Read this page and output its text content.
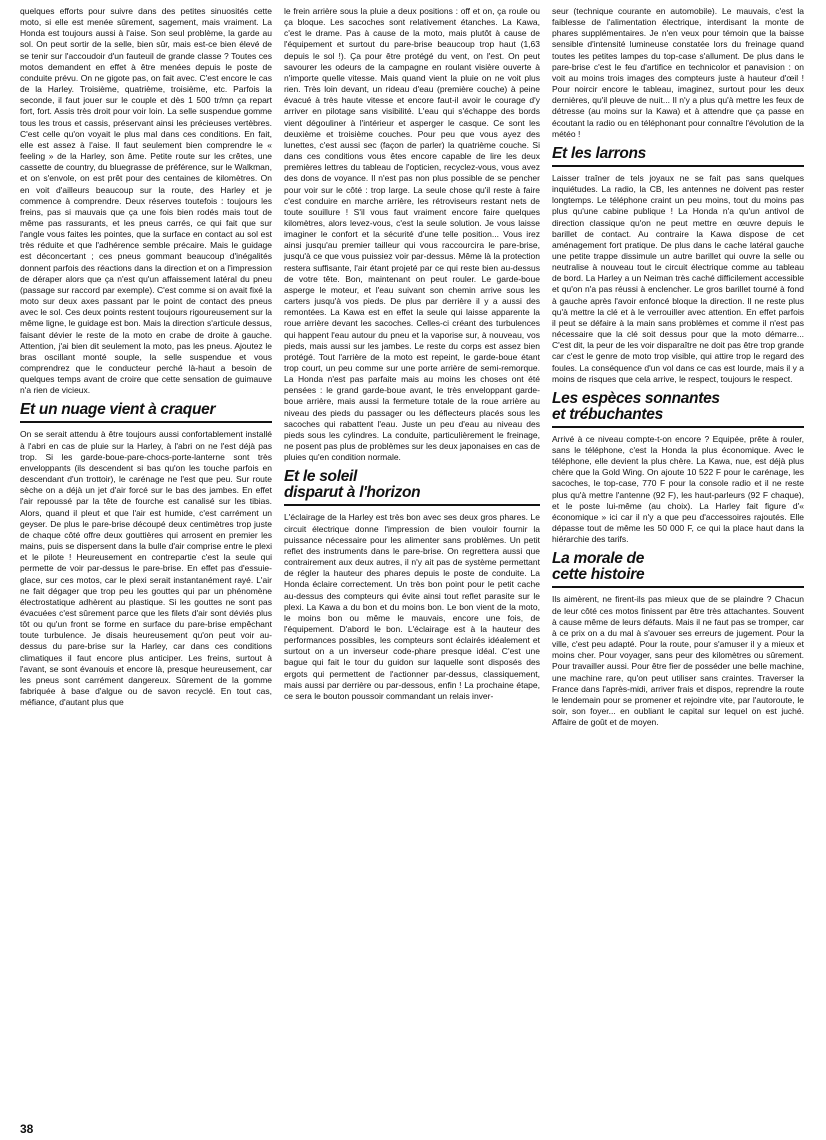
quelques efforts pour suivre dans des petites sinuosités cette moto, si elle est menée sûrement, sagement, mais vraiment. La Honda est toujours aussi à l'aise. Son seul problème, la garde au sol. On peut sortir de la selle, bien sûr, mais est-ce bien élevé de se tenir sur l'accoudoir d'un fauteuil de grande classe ? Toutes ces motos demandent en effet à être menées depuis le poste de conduite prévu. On ne gigote pas, on fait avec. C'est encore le cas de la Harley. Troisième, quatrième, troisième, etc. Parfois la seconde, il faut jouer sur le couple et dès 1 500 tr/mn ça repart fort, fort. Assis très droit pour voir loin. La selle suspendue gomme tous les trous et cassis, préservant ainsi les précieuses vertèbres. C'est celle qu'on voyait le plus mal dans ces conditions. En fait, elle est assez à l'aise. Il faut seulement bien comprendre le « feeling » de la Harley, son âme. Petite route sur les crêtes, une cassette de country, du bluegrasse de préférence, sur le Walkman, et on s'envole, on est prêt pour des centaines de kilomètres. On en voit d'ailleurs beaucoup sur la route, des Harley et je commence à comprendre. Deux réserves toutefois : toujours les freins, pas si mauvais que ça une fois bien rodés mais tout de même pas rassurants, et les pneus carrés, ce qui fait que sur l'angle vous faites les pointes, que la surface en contact au sol est très réduite et que l'adhérence semble précaire. Mais le guidage est déconcertant ; ces pneus gommant beaucoup d'inégalités donnent parfois des réactions dans la direction et on a l'impression de déraper alors que ça n'est qu'un affaissement latéral du pneu (passage sur raccord par exemple). C'est comme si on avait fixé la moto sur deux axes passant par le point de contact des pneus avec le sol. Ces deux points restent toujours rigoureusement sur la même ligne, le guidage est bon. Mais la direction s'articule dessus, faisant dévier le reste de la moto en crabe de droite à gauche. Attention, j'ai bien dit seulement la moto, pas les pneus. Ajoutez le bras oscillant monté souple, la selle suspendue et vous comprendrez que le conducteur perché là-haut a besoin de quelques temps avant de croire que cette sensation de guimauve n'a rien de vicieux.

Et un nuage vient à craquer

On se serait attendu à être toujours aussi confortablement installé à l'abri en cas de pluie sur la Harley, à l'abri on ne l'est déjà pas trop. Si les garde-boue-pare-chocs-porte-lanterne sont très enveloppants (ils descendent si bas qu'on les touche parfois en descendant d'un trottoir), le carénage ne l'est que peu. Sur route sèche on a déjà un jet d'air forcé sur le bas des jambes. En effet l'air repoussé par la tête de fourche est canalisé sur les tibias. Alors, quand il pleut et que l'air est humide, c'est carrément un geyser. De plus le pare-brise découpé deux centimètres trop juste de chaque côté offre deux gouttières qui arrosent en premier les mains, puis se dispersent dans la bulle d'air comprise entre le plexi et le pilote ! Heureusement en contrepartie c'est la seule qui permette de voir par-dessus le pare-brise. En effet pas d'essuie-glace, sur ces motos, car le plexi serait instantanément rayé. L'air ne fait dégager que trop peu les gouttes qui par un phénomène électrostatique adhèrent au plastique. Si les gouttes ne sont pas évacuées c'est sûrement parce que les filets d'air sont déviés plus tôt ou qu'un front se forme en surface du pare-brise empêchant toute turbulence. Je disais heureusement qu'on peut voir au-dessus du pare-brise sur la Harley, car dans ces conditions climatiques il faut encore plus anticiper. Les freins, surtout à l'avant, se sont évanouis et encore là, presque heureusement, car les pneus sont carrément dangereux. Sûrement de la gomme fabriquée à base d'algue ou de savon recyclé. En tout cas, méfiance, d'autant plus que

le frein arrière sous la pluie a deux positions : off et on, ça roule ou ça bloque. Les sacoches sont relativement étanches. La Kawa, c'est le drame. Pas à cause de la moto, mais plutôt à cause de l'équipement et surtout du pare-brise beaucoup trop haut (1,63 depuis le sol !). Ça pour être protégé du vent, on l'est. On peut savourer les odeurs de la campagne en roulant visière ouverte à n'importe quelle vitesse. Mais quand vient la pluie on ne voit plus rien. Très loin devant, un rideau d'eau (première couche) à peine évacué à très haute vitesse et encore faut-il avoir le courage d'y arriver en pilotage sans visibilité. L'eau qui s'échappe des bords vient dégouliner à l'intérieur et asperger le casque. Ce sont les deuxième et troisième couches. Pour peu que vous ayez des lunettes, c'est aussi sec (façon de parler) la quatrième couche. Si dans ces conditions vous êtes encore capable de lire les deux premières lettres du tableau de l'opticien, recyclez-vous, vous avez des dons de voyance. Il n'est pas non plus possible de se pencher pour voir sur le côté : trop large. La seule chose qu'il reste à faire c'est conduire en marche arrière, les rétroviseurs restant nets de toute souillure ! S'il vous faut vraiment encore faire quelques kilomètres, alors levez-vous, c'est la seule solution. Je vous laisse imaginer le confort et la sécurité d'une telle position... Vous irez ainsi jusqu'au premier tailleur qui vous raccourcira le pare-brise, jusqu'à ce que vous puissiez voir par-dessus. Même là la protection restera suffisante, l'air étant projeté par ce qui reste bien au-dessus de votre tête. Bon, maintenant on peut rouler. Le garde-boue asperge le moteur, et l'eau suivant son chemin arrive sous les carters jusqu'à vos pieds. De plus par derrière il y a aussi des remontées. La Kawa est en effet la seule qui laisse apparente la roue arrière devant les sacoches. Celles-ci créant des turbulences qui happent l'eau autour du pneu et la vaporise sur, à nouveau, vos pieds, mais aussi sur les jambes. Le reste du corps est assez bien protégé. Tout l'arrière de la moto est repeint, le garde-boue étant trop court, un peu comme sur une porte arrière de semi-remorque. La Honda n'est pas parfaite mais au moins les choses ont été pensées : le grand garde-boue avant, le très enveloppant garde-boue arrière, mais aussi la fermeture totale de la roue arrière au niveau des pieds du passager ou les déflecteurs placés sous les sacoches qui rabattent l'eau. Juste un peu d'eau au niveau des pieds sous les cylindres. La conduite, particulièrement le freinage, ne posent pas plus de problèmes sur les deux japonaises en cas de pluies qu'en condition normale.

Et le soleil
disparut à l'horizon

L'éclairage de la Harley est très bon avec ses deux gros phares. Le circuit électrique donne l'impression de bien vouloir fournir la puissance nécessaire pour les alimenter sans problèmes. Un petit reflet des instruments dans le pare-brise. On regrettera aussi que contrairement aux deux autres, il n'y ait pas de système permettant de régler la hauteur des phares depuis le poste de conduite. La Honda éclaire correctement. Un très bon point pour le petit cache au-dessus des compteurs qui évite ainsi tout reflet parasite sur le plexi. La Kawa a du bon et du moins bon. Le bon vient de la moto, le moins bon ou même le mauvais, encore une fois, de l'équipement. D'abord le bon. L'éclairage est à la hauteur des performances possibles, les compteurs sont éclairés idéalement et surtout on a un inverseur code-phare presque idéal. C'est une bague qui fait le tour du guidon sur laquelle sont disposés des ergots qui permettent de l'actionner par-dessus, classiquement, mais aussi par derrière ou par-dessous, enfin ! La prochaine étape, ce sera le bouton poussoir commandant un relais inver-

seur (technique courante en automobile). Le mauvais, c'est la faiblesse de l'alimentation électrique, interdisant la monte de phares supplémentaires. Je n'en veux pour témoin que la baisse sensible d'intensité lumineuse constatée lors du freinage quand toutes les petites lampes du top-case s'allument. De plus dans le pare-brise c'est le feu d'artifice en technicolor et panavision : on voit au moins trois images des compteurs juste à hauteur d'œil ! Pour noircir encore le tableau, imaginez, surtout pour les deux dernières, qu'il pleuve de nuit... Il n'y a plus qu'à mettre les feux de détresse (au moins sur la Kawa) et à attendre que ça passe en écoutant la radio ou en téléphonant pour connaître l'évolution de la météo !

Et les larrons

Laisser traîner de tels joyaux ne se fait pas sans quelques inquiétudes. La radio, la CB, les antennes ne doivent pas rester longtemps. Le téléphone craint un peu moins, tout du moins pas plus qu'une cabine publique ! La Honda n'a qu'un antivol de direction classique qu'on ne peut mettre en œuvre depuis le barillet de contact. Au contraire la Kawa dispose de cet aménagement fort pratique. De plus dans le cache latéral gauche une petite trappe dissimule un autre barillet qui ouvre la selle ou neutralise à nouveau tout le circuit électrique comme au tableau de bord. La Harley a un Neiman très caché difficilement accessible et qu'on n'a pas réussi à enclencher. Le gros barillet tourné à fond à gauche après l'avoir enfoncé bloque la direction. Il ne reste plus qu'à mettre la clé et à le verrouiller avec attention. En effet parfois il peut se défaire à la main sans problèmes et comme il n'est pas nécessaire que la clé soit dessus pour que la moto démarre... C'est dit, la peur de les voir disparaître ne doit pas être trop grande car c'est le genre de moto trop visible, qui attire trop le regard des foules. La conséquence d'un vol dans ce cas est lourde, mais il y a moins de risques que cela arrive, le respect, toujours le respect.

Les espèces sonnantes
et trébuchantes

Arrivé à ce niveau compte-t-on encore ? Equipée, prête à rouler, sans le téléphone, c'est la Honda la plus économique. Avec le téléphone, elle devient la plus chère. La Kawa, nue, est déjà plus chère que la Gold Wing. On ajoute 10 522 F pour le carénage, les sacoches, le top-case, 770 F pour la console radio et il ne reste plus qu'à mettre l'antenne (92 F), les haut-parleurs (92 F chaque), et le poste lui-même (au choix). La Harley fait figure d'« économique » ici car il n'y a que peu d'accessoires rajoutés. Elle dépasse tout de même les 50 000 F, ce qui la place haut dans la hiérarchie des tarifs.

La morale de
cette histoire

Ils aimèrent, ne firent-ils pas mieux que de se plaindre ? Chacun de leur côté ces motos finissent par être très attachantes. Souvent à cause même de leurs défauts. Mais il ne faut pas se tromper, car à ce prix on a du mal à s'avouer ses erreurs de jugement. Pour la ville, c'est peu adapté. Pour la route, pour s'amuser il y a mieux et moins cher. Pour voyager, sans peur des kilomètres ou sûrement. Pour travailler aussi. Pour être fier de posséder une belle machine, une machine rare, qu'on peut utiliser sans craintes. Traverser la France dans l'après-midi, arriver frais et dispos, reprendre la route le lendemain pour se promener et rejoindre vite, par l'autoroute, le soir, son foyer... en oubliant le capital sur lequel on est juché. Affaire de goût et de moyen.

38
